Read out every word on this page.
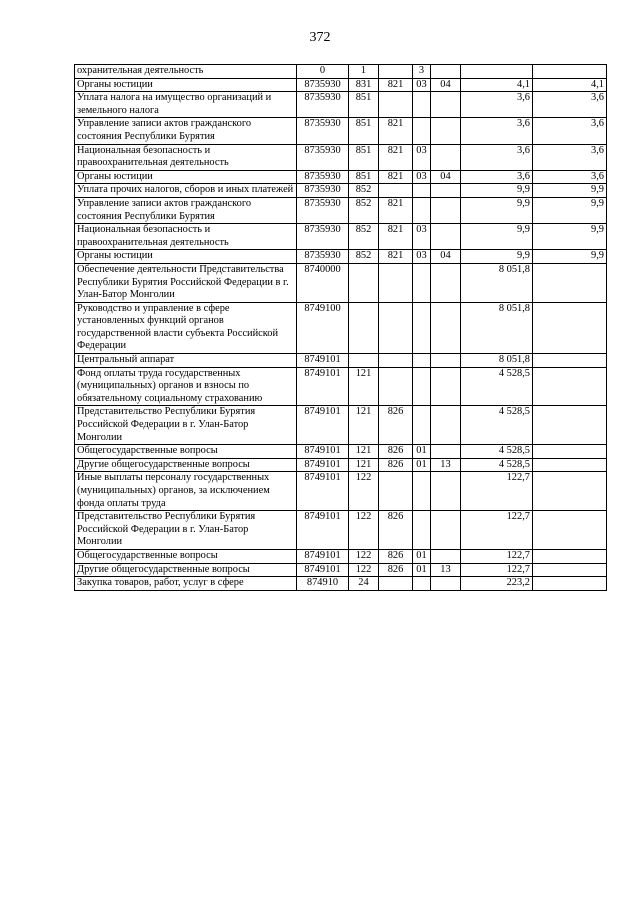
372
охранительная деятельность	0	1		3			
Органы юстиции	8735930	831	821	03	04	4,1	4,1
Уплата налога на имущество организаций и земельного налога	8735930	851				3,6	3,6
Управление записи актов гражданского состояния Республики Бурятия	8735930	851	821			3,6	3,6
Национальная безопасность и правоохранительная деятельность	8735930	851	821	03		3,6	3,6
Органы юстиции	8735930	851	821	03	04	3,6	3,6
Уплата прочих налогов, сборов и иных платежей	8735930	852				9,9	9,9
Управление записи актов гражданского состояния Республики Бурятия	8735930	852	821			9,9	9,9
Национальная безопасность и правоохранительная деятельность	8735930	852	821	03		9,9	9,9
Органы юстиции	8735930	852	821	03	04	9,9	9,9
Обеспечение деятельности Представительства Республики Бурятия Российской Федерации в г. Улан-Батор Монголии	8740000					8 051,8	
Руководство и управление в сфере установленных функций органов государственной власти субъекта Российской Федерации	8749100					8 051,8	
Центральный аппарат	8749101					8 051,8	
Фонд оплаты труда государственных (муниципальных) органов и взносы по обязательному социальному страхованию	8749101	121				4 528,5	
Представительство Республики Бурятия Российской Федерации в г. Улан-Батор Монголии	8749101	121	826			4 528,5	
Общегосударственные вопросы	8749101	121	826	01		4 528,5	
Другие общегосударственные вопросы	8749101	121	826	01	13	4 528,5	
Иные выплаты персоналу государственных (муниципальных) органов, за исключением фонда оплаты труда	8749101	122				122,7	
Представительство Республики Бурятия Российской Федерации в г. Улан-Батор Монголии	8749101	122	826			122,7	
Общегосударственные вопросы	8749101	122	826	01		122,7	
Другие общегосударственные вопросы	8749101	122	826	01	13	122,7	
Закупка товаров, работ, услуг в сфере	874910	24				223,2	
